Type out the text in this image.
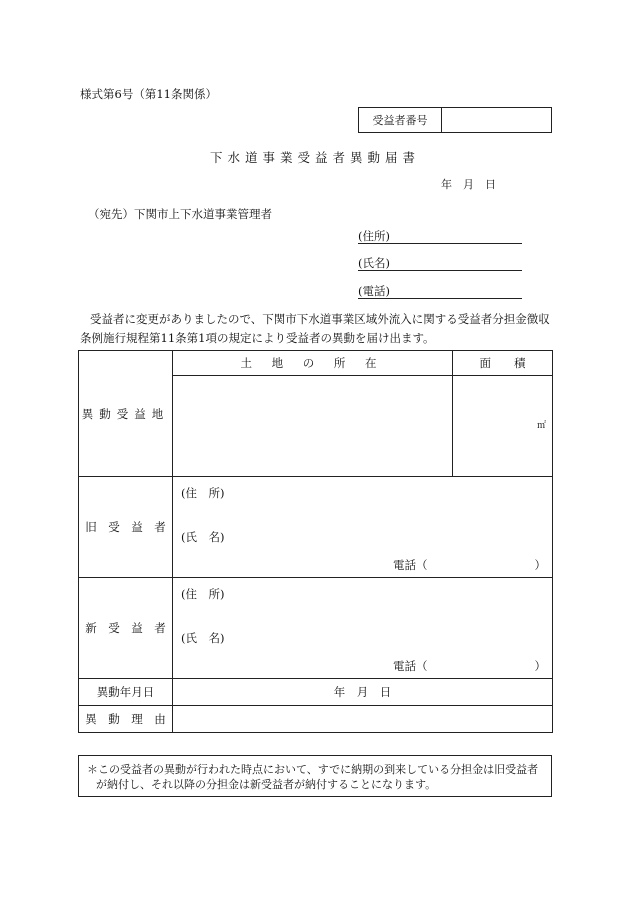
様式第6号（第11条関係）
受益者番号
下水道事業受益者異動届書
年　月　日
（宛先）下関市上下水道事業管理者
(住所)
(氏名)
(電話)
受益者に変更がありましたので、下関市下水道事業区域外流入に関する受益者分担金徴収条例施行規程第11条第1項の規定により受益者の異動を届け出ます。
異動受益地	土 地 の 所 在	面　　積

		㎡

旧　受　益　者	(住　所)
(氏　名)
電話（ ）	

新　受　益　者	(住　所)
(氏　名)
電話（ ）	

異動年月日	年　月　日	
異　動　理　由		
＊この受益者の異動が行われた時点において、すでに納期の到来している分担金は旧受益者が納付し、それ以降の分担金は新受益者が納付することになります。
